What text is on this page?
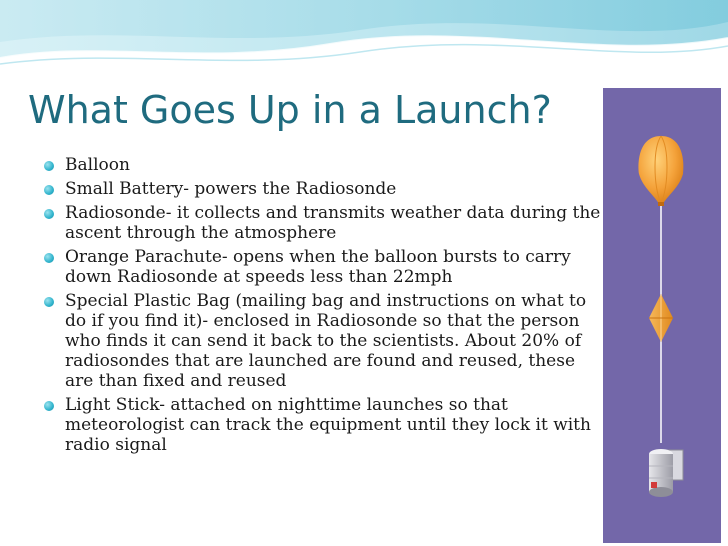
What Goes Up in a Launch?
Balloon
Small Battery- powers the Radiosonde
Radiosonde- it collects and transmits weather data during the ascent through the atmosphere
Orange Parachute- opens when the balloon bursts to carry down Radiosonde at speeds less than 22mph
Special Plastic Bag (mailing bag and instructions on what to do if you find it)- enclosed in Radiosonde so that the person who finds it can send it back to the scientists. About 20% of radiosondes that are launched are found and reused, these are than fixed and reused
Light Stick- attached on nighttime launches so that meteorologist can track the equipment until they lock it with radio signal
